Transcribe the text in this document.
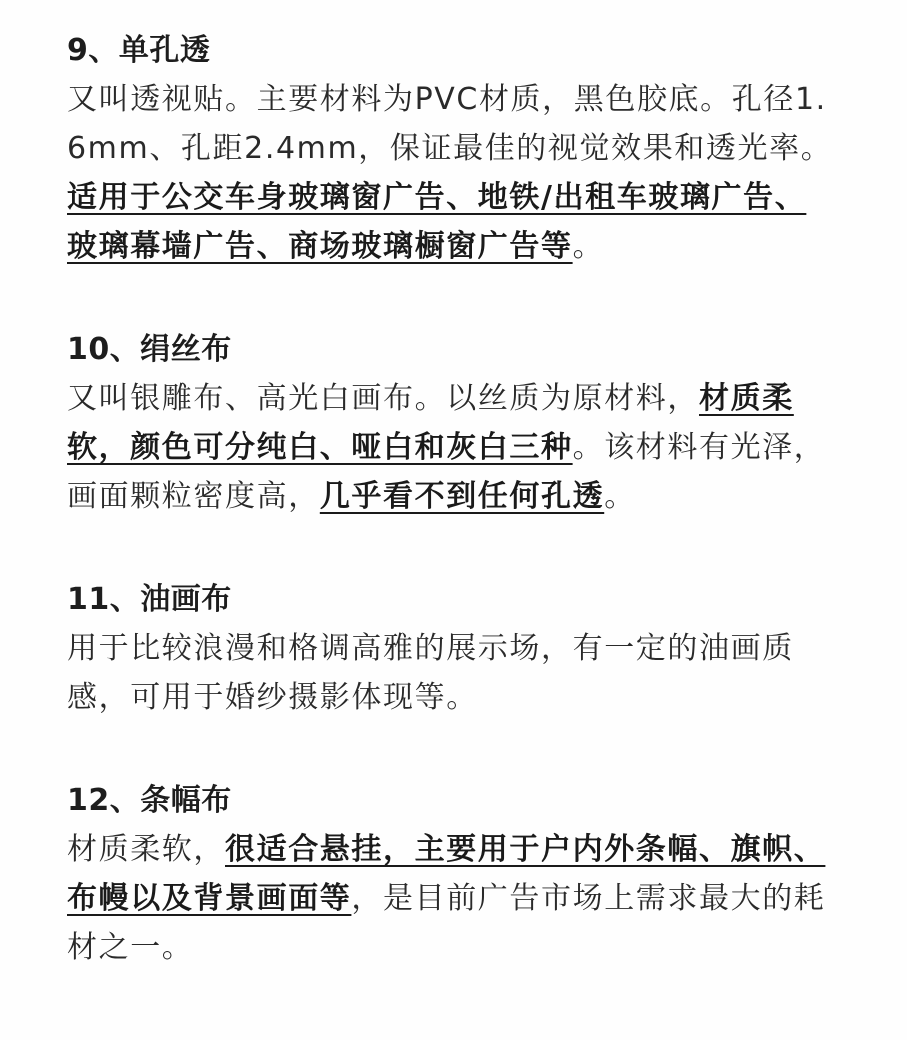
9、单孔透

又叫透视贴。主要材料为PVC材质，黑色胶底。孔径1.6mm、孔距2.4mm，保证最佳的视觉效果和透光率。适用于公交车身玻璃窗广告、地铁/出租车玻璃广告、玻璃幕墙广告、商场玻璃橱窗广告等。

10、绢丝布

又叫银雕布、高光白画布。以丝质为原材料，材质柔软，颜色可分纯白、哑白和灰白三种。该材料有光泽，画面颗粒密度高，几乎看不到任何孔透。

11、油画布

用于比较浪漫和格调高雅的展示场，有一定的油画质感，可用于婚纱摄影体现等。

12、条幅布

材质柔软，很适合悬挂，主要用于户内外条幅、旗帜、布幔以及背景画面等，是目前广告市场上需求最大的耗材之一。
